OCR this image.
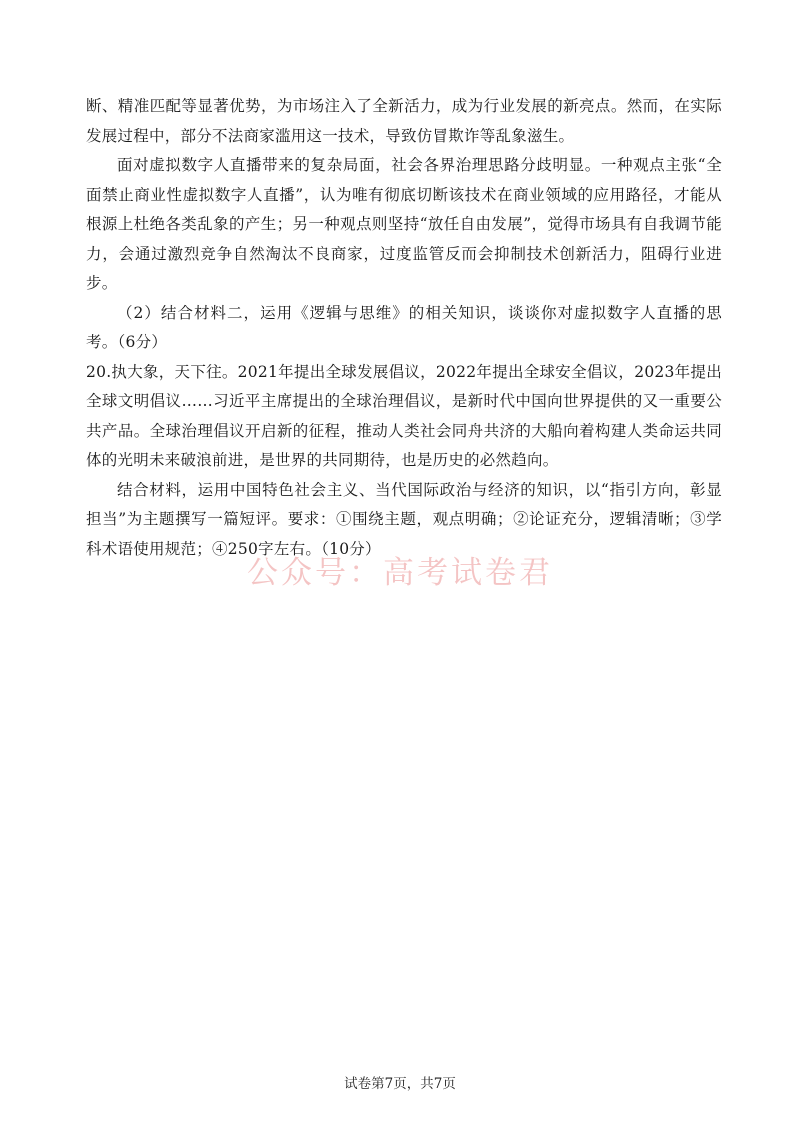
断、精准匹配等显著优势，为市场注入了全新活力，成为行业发展的新亮点。然而，在实际发展过程中，部分不法商家滥用这一技术，导致仿冒欺诈等乱象滋生。

面对虚拟数字人直播带来的复杂局面，社会各界治理思路分歧明显。一种观点主张“全面禁止商业性虚拟数字人直播”，认为唯有彻底切断该技术在商业领域的应用路径，才能从根源上杜绝各类乱象的产生；另一种观点则坚持“放任自由发展”，觉得市场具有自我调节能力，会通过激烈竞争自然淘汰不良商家，过度监管反而会抑制技术创新活力，阻碍行业进步。

（2）结合材料二，运用《逻辑与思维》的相关知识，谈谈你对虚拟数字人直播的思考。（6分）

20.执大象，天下往。2021年提出全球发展倡议，2022年提出全球安全倡议，2023年提出全球文明倡议……习近平主席提出的全球治理倡议，是新时代中国向世界提供的又一重要公共产品。全球治理倡议开启新的征程，推动人类社会同舟共济的大船向着构建人类命运共同体的光明未来破浪前进，是世界的共同期待，也是历史的必然趋向。

结合材料，运用中国特色社会主义、当代国际政治与经济的知识，以“指引方向，彰显担当”为主题撰写一篇短评。要求：①围绕主题，观点明确；②论证充分，逻辑清晰；③学科术语使用规范；④250字左右。（10分）

公众号：高考试卷君
试卷第7页，共7页
